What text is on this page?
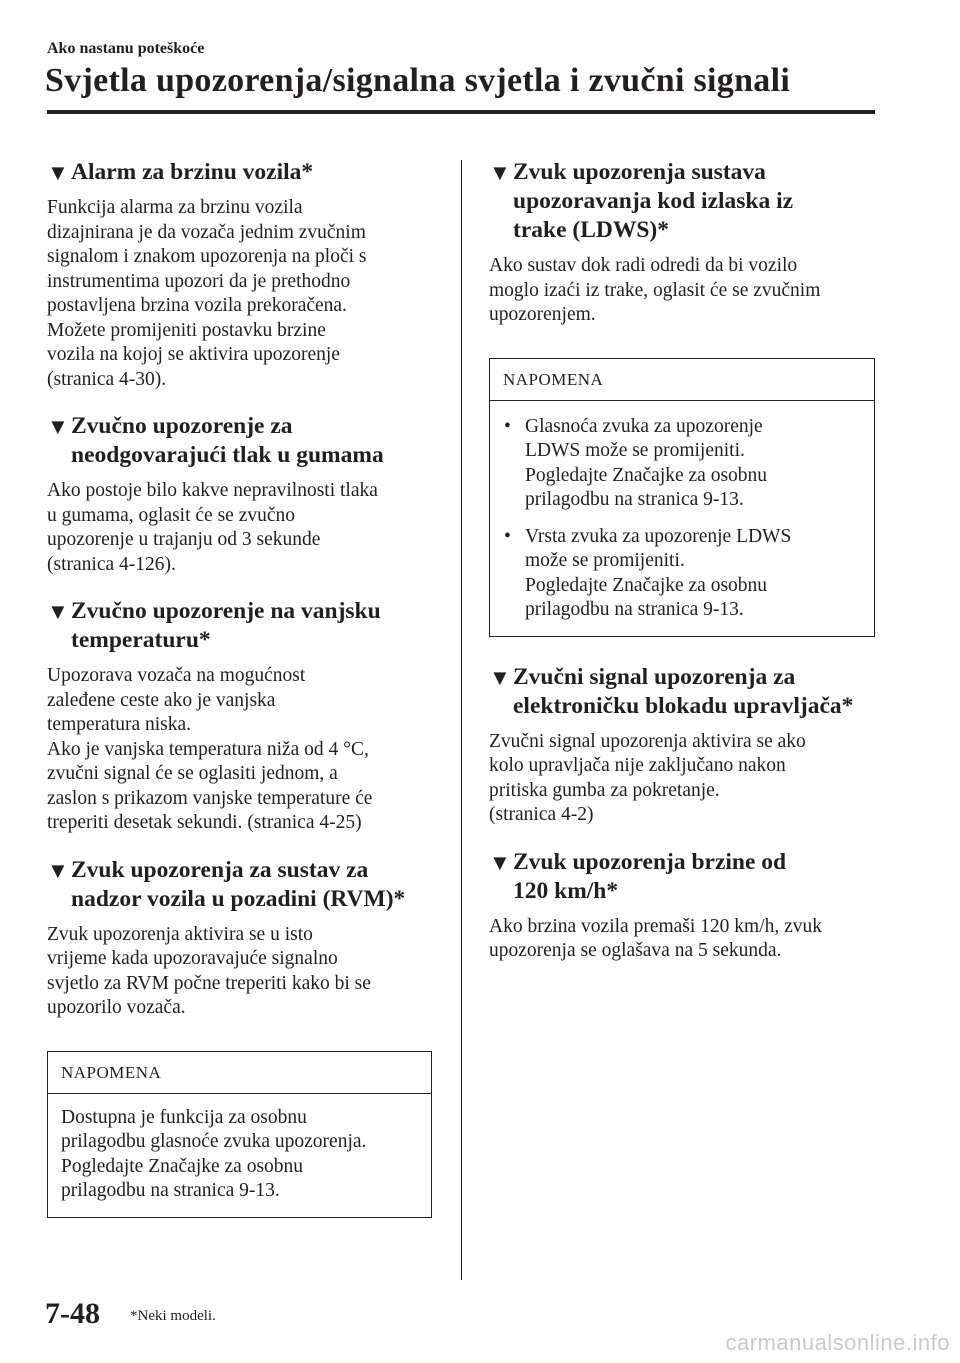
Ako nastanu poteškoće
Svjetla upozorenja/signalna svjetla i zvučni signali
▼ Alarm za brzinu vozila*

Funkcija alarma za brzinu vozila
dizajnirana je da vozača jednim zvučnim
signalom i znakom upozorenja na ploči s
instrumentima upozori da je prethodno
postavljena brzina vozila prekoračena.
Možete promijeniti postavku brzine
vozila na kojoj se aktivira upozorenje
(stranica 4-30).

▼ Zvučno upozorenje za
neodgovarajući tlak u gumama

Ako postoje bilo kakve nepravilnosti tlaka
u gumama, oglasit će se zvučno
upozorenje u trajanju od 3 sekunde
(stranica 4-126).

▼ Zvučno upozorenje na vanjsku
temperaturu*

Upozorava vozača na mogućnost
zaleđene ceste ako je vanjska
temperatura niska.
Ako je vanjska temperatura niža od 4 °C,
zvučni signal će se oglasiti jednom, a
zaslon s prikazom vanjske temperature će
treperiti desetak sekundi. (stranica 4-25)

▼ Zvuk upozorenja za sustav za
nadzor vozila u pozadini (RVM)*

Zvuk upozorenja aktivira se u isto
vrijeme kada upozoravajuće signalno
svjetlo za RVM počne treperiti kako bi se
upozorilo vozača.

NAPOMENA
Dostupna je funkcija za osobnu
prilagodbu glasnoće zvuka upozorenja.
Pogledajte Značajke za osobnu
prilagodbu na stranica 9-13.
▼ Zvuk upozorenja sustava
upozoravanja kod izlaska iz
trake (LDWS)*

Ako sustav dok radi odredi da bi vozilo
moglo izaći iz trake, oglasit će se zvučnim
upozorenjem.

NAPOMENA
• Glasnoća zvuka za upozorenje
LDWS može se promijeniti.
Pogledajte Značajke za osobnu
prilagodbu na stranica 9-13.
• Vrsta zvuka za upozorenje LDWS
može se promijeniti.
Pogledajte Značajke za osobnu
prilagodbu na stranica 9-13.
▼ Zvučni signal upozorenja za
elektroničku blokadu upravljača*

Zvučni signal upozorenja aktivira se ako
kolo upravljača nije zaključano nakon
pritiska gumba za pokretanje.
(stranica 4-2)

▼ Zvuk upozorenja brzine od
120 km/h*

Ako brzina vozila premaši 120 km/h, zvuk
upozorenja se oglašava na 5 sekunda.

7-48 *Neki modeli.
carmanualsonline.info
